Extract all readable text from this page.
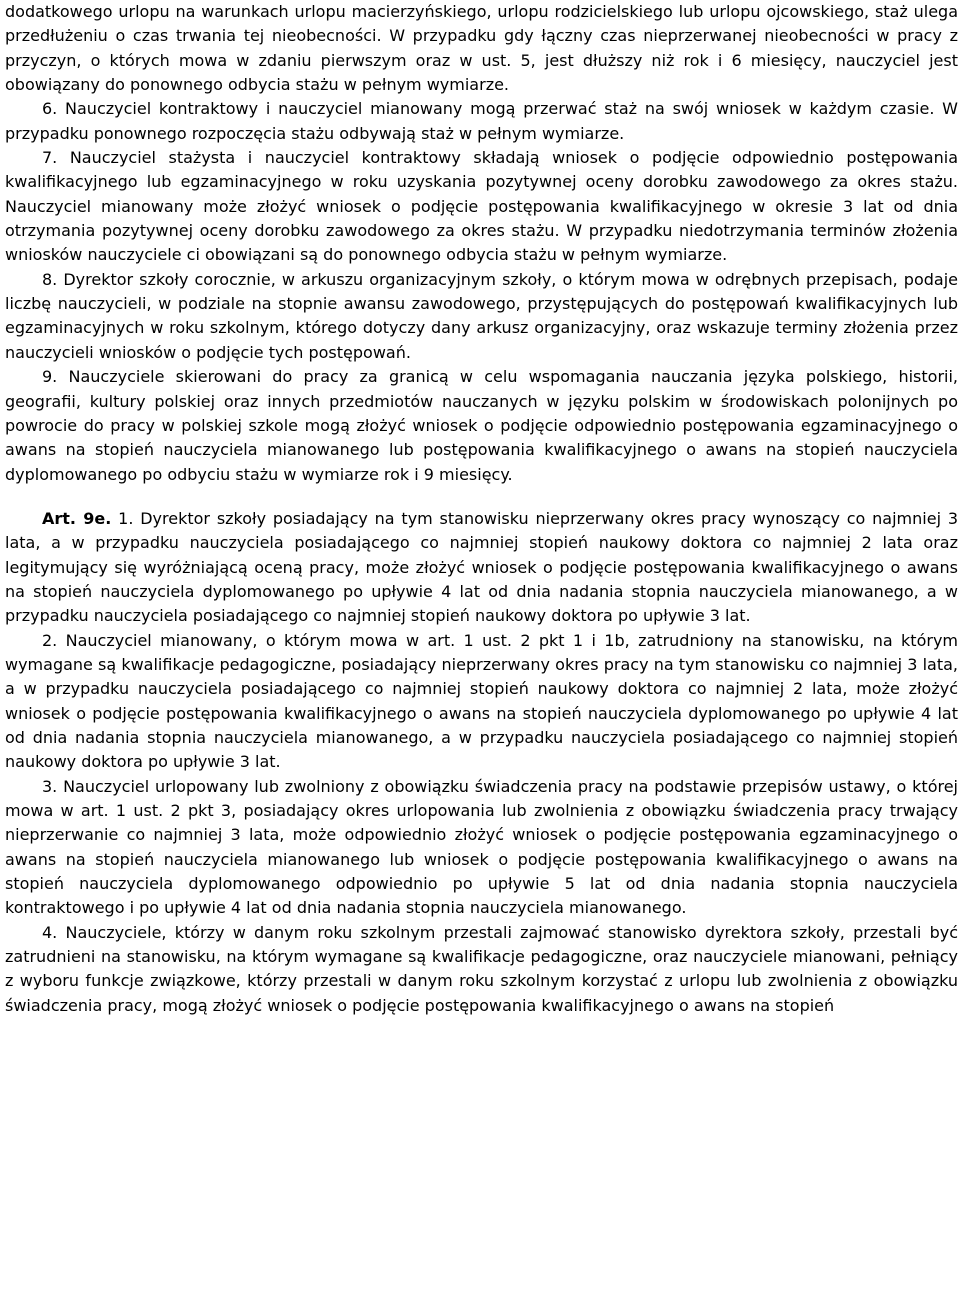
dodatkowego urlopu na warunkach urlopu macierzyńskiego, urlopu rodzicielskiego lub urlopu ojcowskiego, staż ulega przedłużeniu o czas trwania tej nieobecności. W przypadku gdy łączny czas nieprzerwanej nieobecności w pracy z przyczyn, o których mowa w zdaniu pierwszym oraz w ust. 5, jest dłuższy niż rok i 6 miesięcy, nauczyciel jest obowiązany do ponownego odbycia stażu w pełnym wymiarze.

6. Nauczyciel kontraktowy i nauczyciel mianowany mogą przerwać staż na swój wniosek w każdym czasie. W przypadku ponownego rozpoczęcia stażu odbywają staż w pełnym wymiarze.

7. Nauczyciel stażysta i nauczyciel kontraktowy składają wniosek o podjęcie odpowiednio postępowania kwalifikacyjnego lub egzaminacyjnego w roku uzyskania pozytywnej oceny dorobku zawodowego za okres stażu. Nauczyciel mianowany może złożyć wniosek o podjęcie postępowania kwalifikacyjnego w okresie 3 lat od dnia otrzymania pozytywnej oceny dorobku zawodowego za okres stażu. W przypadku niedotrzymania terminów złożenia wniosków nauczyciele ci obowiązani są do ponownego odbycia stażu w pełnym wymiarze.

8. Dyrektor szkoły corocznie, w arkuszu organizacyjnym szkoły, o którym mowa w odrębnych przepisach, podaje liczbę nauczycieli, w podziale na stopnie awansu zawodowego, przystępujących do postępowań kwalifikacyjnych lub egzaminacyjnych w roku szkolnym, którego dotyczy dany arkusz organizacyjny, oraz wskazuje terminy złożenia przez nauczycieli wniosków o podjęcie tych postępowań.

9. Nauczyciele skierowani do pracy za granicą w celu wspomagania nauczania języka polskiego, historii, geografii, kultury polskiej oraz innych przedmiotów nauczanych w języku polskim w środowiskach polonijnych po powrocie do pracy w polskiej szkole mogą złożyć wniosek o podjęcie odpowiednio postępowania egzaminacyjnego o awans na stopień nauczyciela mianowanego lub postępowania kwalifikacyjnego o awans na stopień nauczyciela dyplomowanego po odbyciu stażu w wymiarze rok i 9 miesięcy.

Art. 9e. 1. Dyrektor szkoły posiadający na tym stanowisku nieprzerwany okres pracy wynoszący co najmniej 3 lata, a w przypadku nauczyciela posiadającego co najmniej stopień naukowy doktora co najmniej 2 lata oraz legitymujący się wyróżniającą oceną pracy, może złożyć wniosek o podjęcie postępowania kwalifikacyjnego o awans na stopień nauczyciela dyplomowanego po upływie 4 lat od dnia nadania stopnia nauczyciela mianowanego, a w przypadku nauczyciela posiadającego co najmniej stopień naukowy doktora po upływie 3 lat.

2. Nauczyciel mianowany, o którym mowa w art. 1 ust. 2 pkt 1 i 1b, zatrudniony na stanowisku, na którym wymagane są kwalifikacje pedagogiczne, posiadający nieprzerwany okres pracy na tym stanowisku co najmniej 3 lata, a w przypadku nauczyciela posiadającego co najmniej stopień naukowy doktora co najmniej 2 lata, może złożyć wniosek o podjęcie postępowania kwalifikacyjnego o awans na stopień nauczyciela dyplomowanego po upływie 4 lat od dnia nadania stopnia nauczyciela mianowanego, a w przypadku nauczyciela posiadającego co najmniej stopień naukowy doktora po upływie 3 lat.

3. Nauczyciel urlopowany lub zwolniony z obowiązku świadczenia pracy na podstawie przepisów ustawy, o której mowa w art. 1 ust. 2 pkt 3, posiadający okres urlopowania lub zwolnienia z obowiązku świadczenia pracy trwający nieprzerwanie co najmniej 3 lata, może odpowiednio złożyć wniosek o podjęcie postępowania egzaminacyjnego o awans na stopień nauczyciela mianowanego lub wniosek o podjęcie postępowania kwalifikacyjnego o awans na stopień nauczyciela dyplomowanego odpowiednio po upływie 5 lat od dnia nadania stopnia nauczyciela kontraktowego i po upływie 4 lat od dnia nadania stopnia nauczyciela mianowanego.

4. Nauczyciele, którzy w danym roku szkolnym przestali zajmować stanowisko dyrektora szkoły, przestali być zatrudnieni na stanowisku, na którym wymagane są kwalifikacje pedagogiczne, oraz nauczyciele mianowani, pełniący z wyboru funkcje związkowe, którzy przestali w danym roku szkolnym korzystać z urlopu lub zwolnienia z obowiązku świadczenia pracy, mogą złożyć wniosek o podjęcie postępowania kwalifikacyjnego o awans na stopień
